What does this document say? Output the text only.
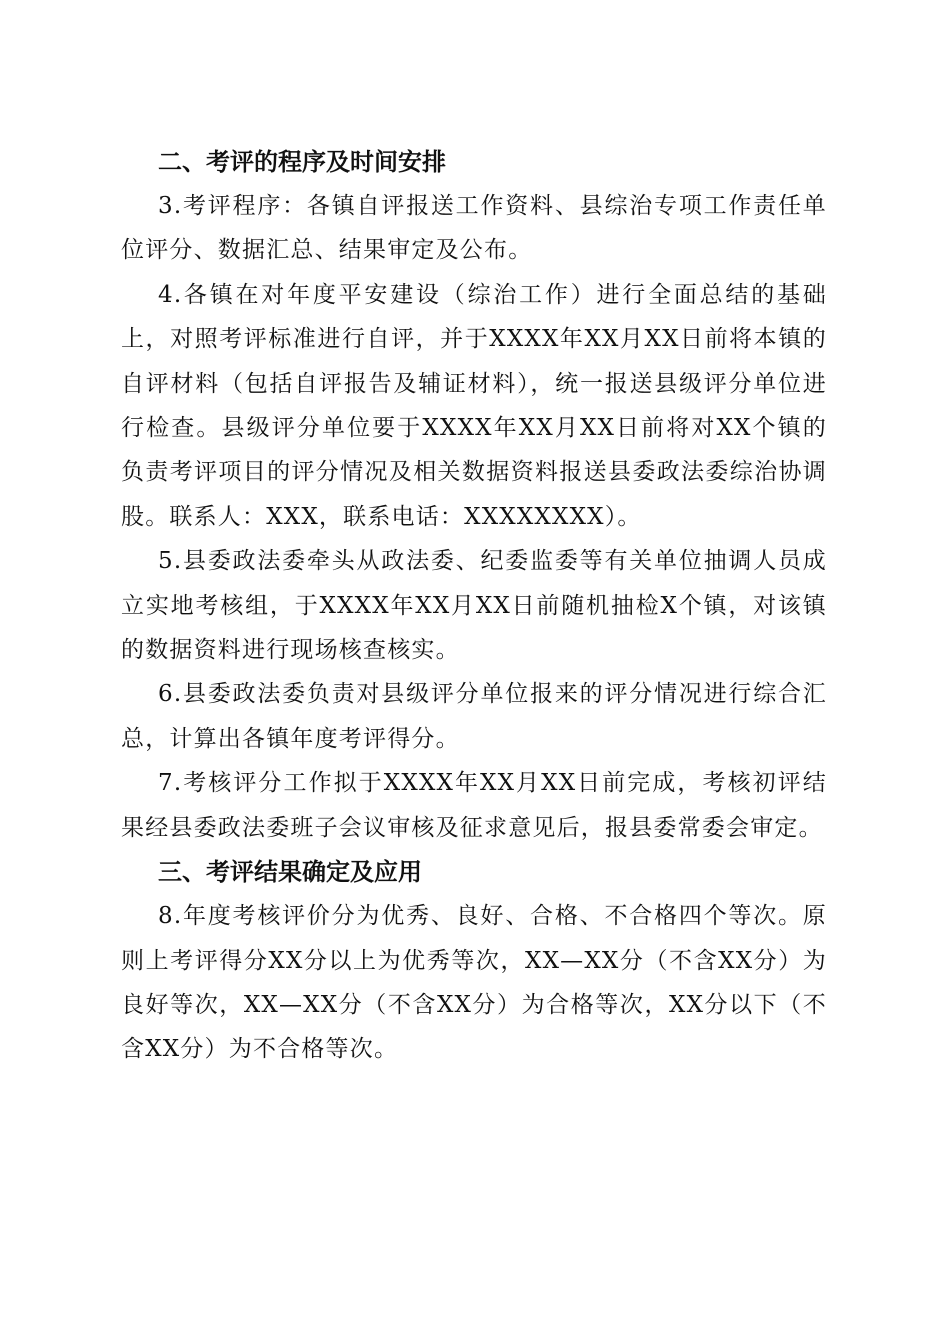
二、考评的程序及时间安排

3.考评程序：各镇自评报送工作资料、县综治专项工作责任单位评分、数据汇总、结果审定及公布。

4.各镇在对年度平安建设（综治工作）进行全面总结的基础上，对照考评标准进行自评，并于XXXX年XX月XX日前将本镇的自评材料（包括自评报告及辅证材料），统一报送县级评分单位进行检查。县级评分单位要于XXXX年XX月XX日前将对XX个镇的负责考评项目的评分情况及相关数据资料报送县委政法委综治协调股。联系人：XXX，联系电话：XXXXXXXX）。

5.县委政法委牵头从政法委、纪委监委等有关单位抽调人员成立实地考核组，于XXXX年XX月XX日前随机抽检X个镇，对该镇的数据资料进行现场核查核实。

6.县委政法委负责对县级评分单位报来的评分情况进行综合汇总，计算出各镇年度考评得分。

7.考核评分工作拟于XXXX年XX月XX日前完成，考核初评结果经县委政法委班子会议审核及征求意见后，报县委常委会审定。

三、考评结果确定及应用

8.年度考核评价分为优秀、良好、合格、不合格四个等次。原则上考评得分XX分以上为优秀等次，XX—XX分（不含XX分）为良好等次，XX—XX分（不含XX分）为合格等次，XX分以下（不含XX分）为不合格等次。
